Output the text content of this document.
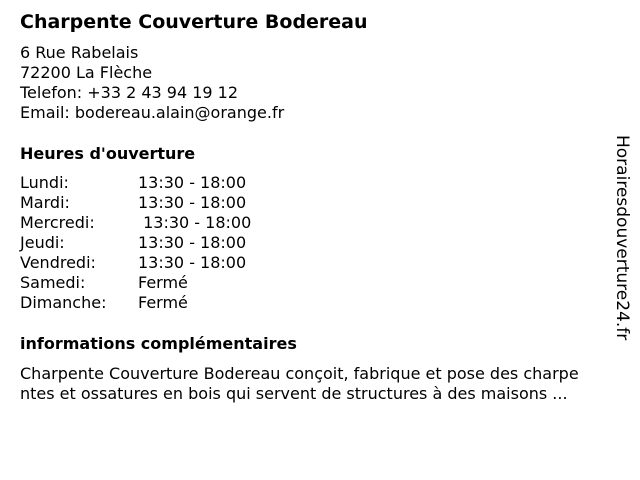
Charpente Couverture Bodereau
6 Rue Rabelais
72200 La Flèche
Telefon: +33 2 43 94 19 12
Email: bodereau.alain@orange.fr
Heures d'ouverture
Lundi:	13:30 - 18:00
Mardi:	13:30 - 18:00
Mercredi:	13:30 - 18:00
Jeudi:	13:30 - 18:00
Vendredi:	13:30 - 18:00
Samedi:	Fermé
Dimanche: Fermé
informations complémentaires
Charpente Couverture Bodereau conçoit, fabrique et pose des charpe
ntes et ossatures en bois qui servent de structures à des maisons ...
Horairesdouverture24.fr
